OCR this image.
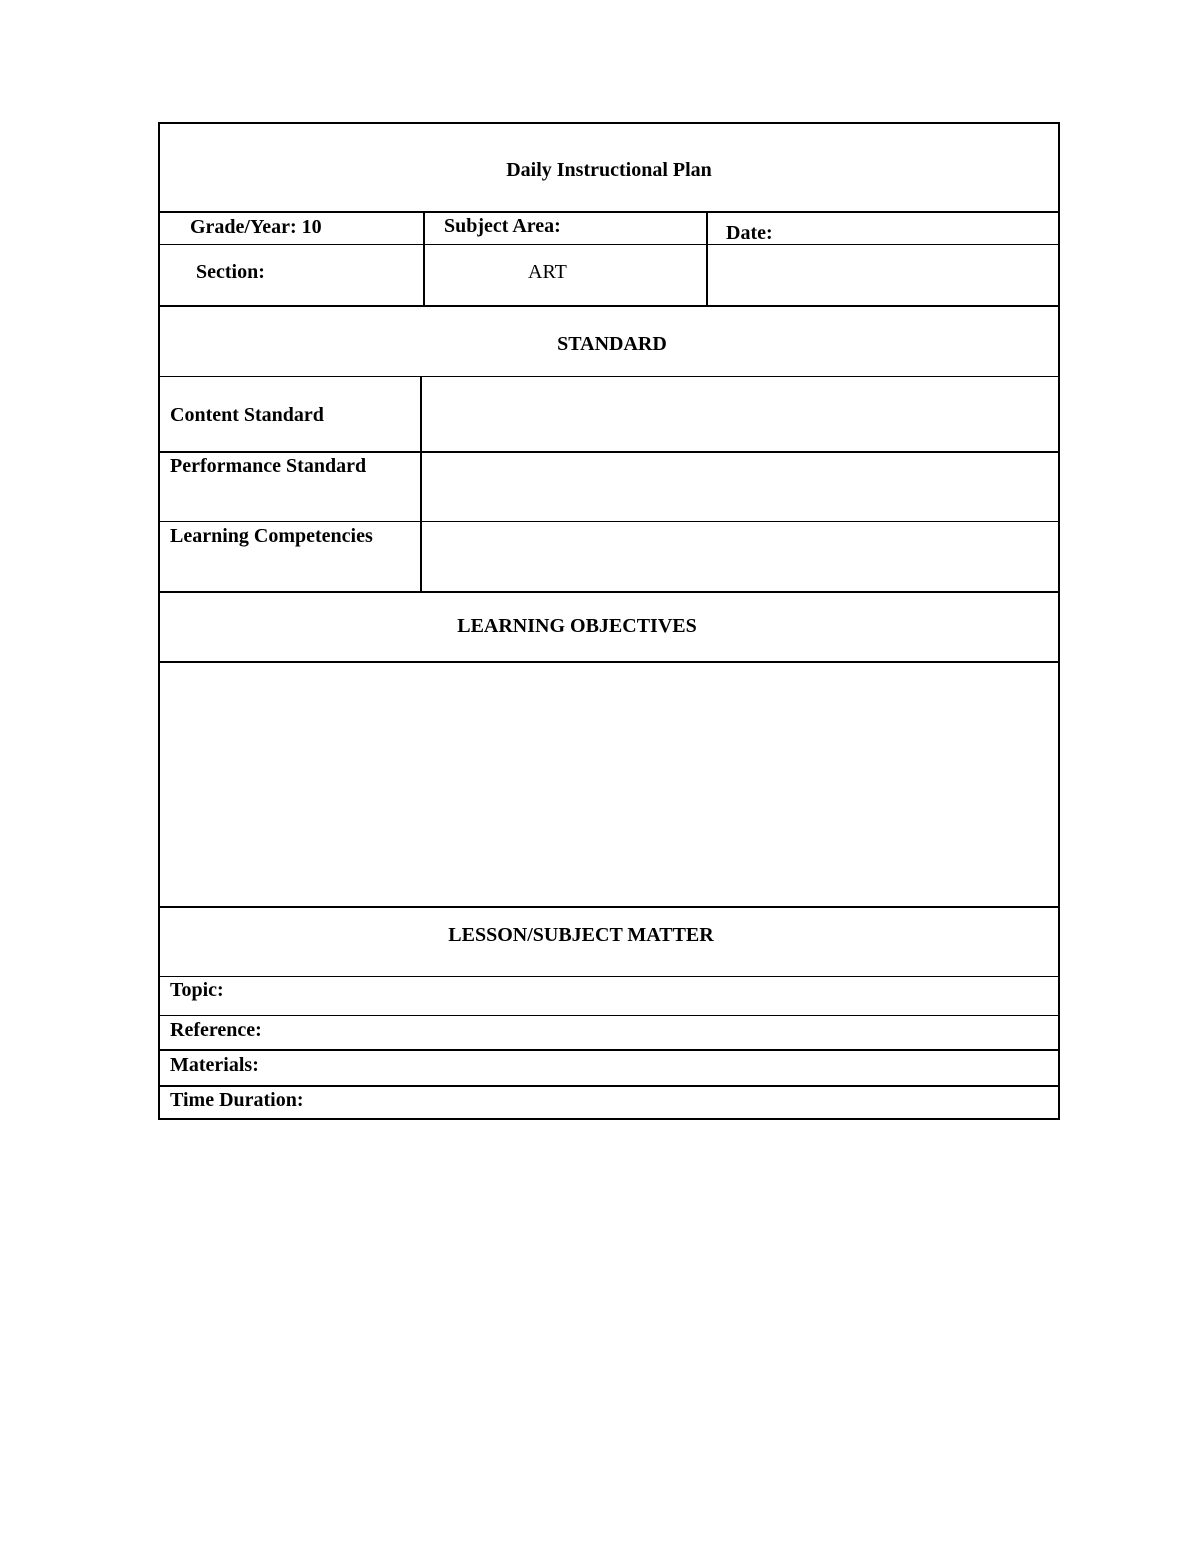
Daily Instructional Plan
Grade/Year: 10	Subject Area:	Date:
Section:	ART
STANDARD
Content Standard
Performance Standard
Learning Competencies
LEARNING OBJECTIVES
LESSON/SUBJECT MATTER
Topic:
Reference:
Materials:
Time Duration:
